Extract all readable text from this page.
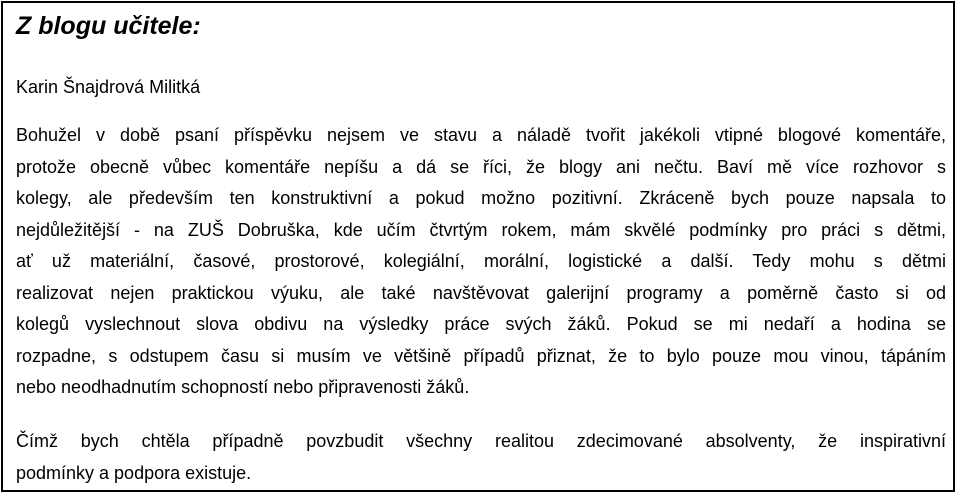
Z blogu učitele:

Karin Šnajdrová Militká

Bohužel v době psaní příspěvku nejsem ve stavu a náladě tvořit jakékoli vtipné blogové komentáře,
protože obecně vůbec komentáře nepíšu a dá se říci, že blogy ani nečtu. Baví mě více rozhovor s
kolegy, ale především ten konstruktivní a pokud možno pozitivní. Zkráceně bych pouze napsala to
nejdůležitější - na ZUŠ Dobruška, kde učím čtvrtým rokem, mám skvělé podmínky pro práci s dětmi,
ať už materiální, časové, prostorové, kolegiální, morální, logistické a další. Tedy mohu s dětmi
realizovat nejen praktickou výuku, ale také navštěvovat galerijní programy a poměrně často si od
kolegů vyslechnout slova obdivu na výsledky práce svých žáků. Pokud se mi nedaří a hodina se
rozpadne, s odstupem času si musím ve většině případů přiznat, že to bylo pouze mou vinou, tápáním
nebo neodhadnutím schopností nebo připravenosti žáků.
Čímž bych chtěla případně povzbudit všechny realitou zdecimované absolventy, že inspirativní
podmínky a podpora existuje.
